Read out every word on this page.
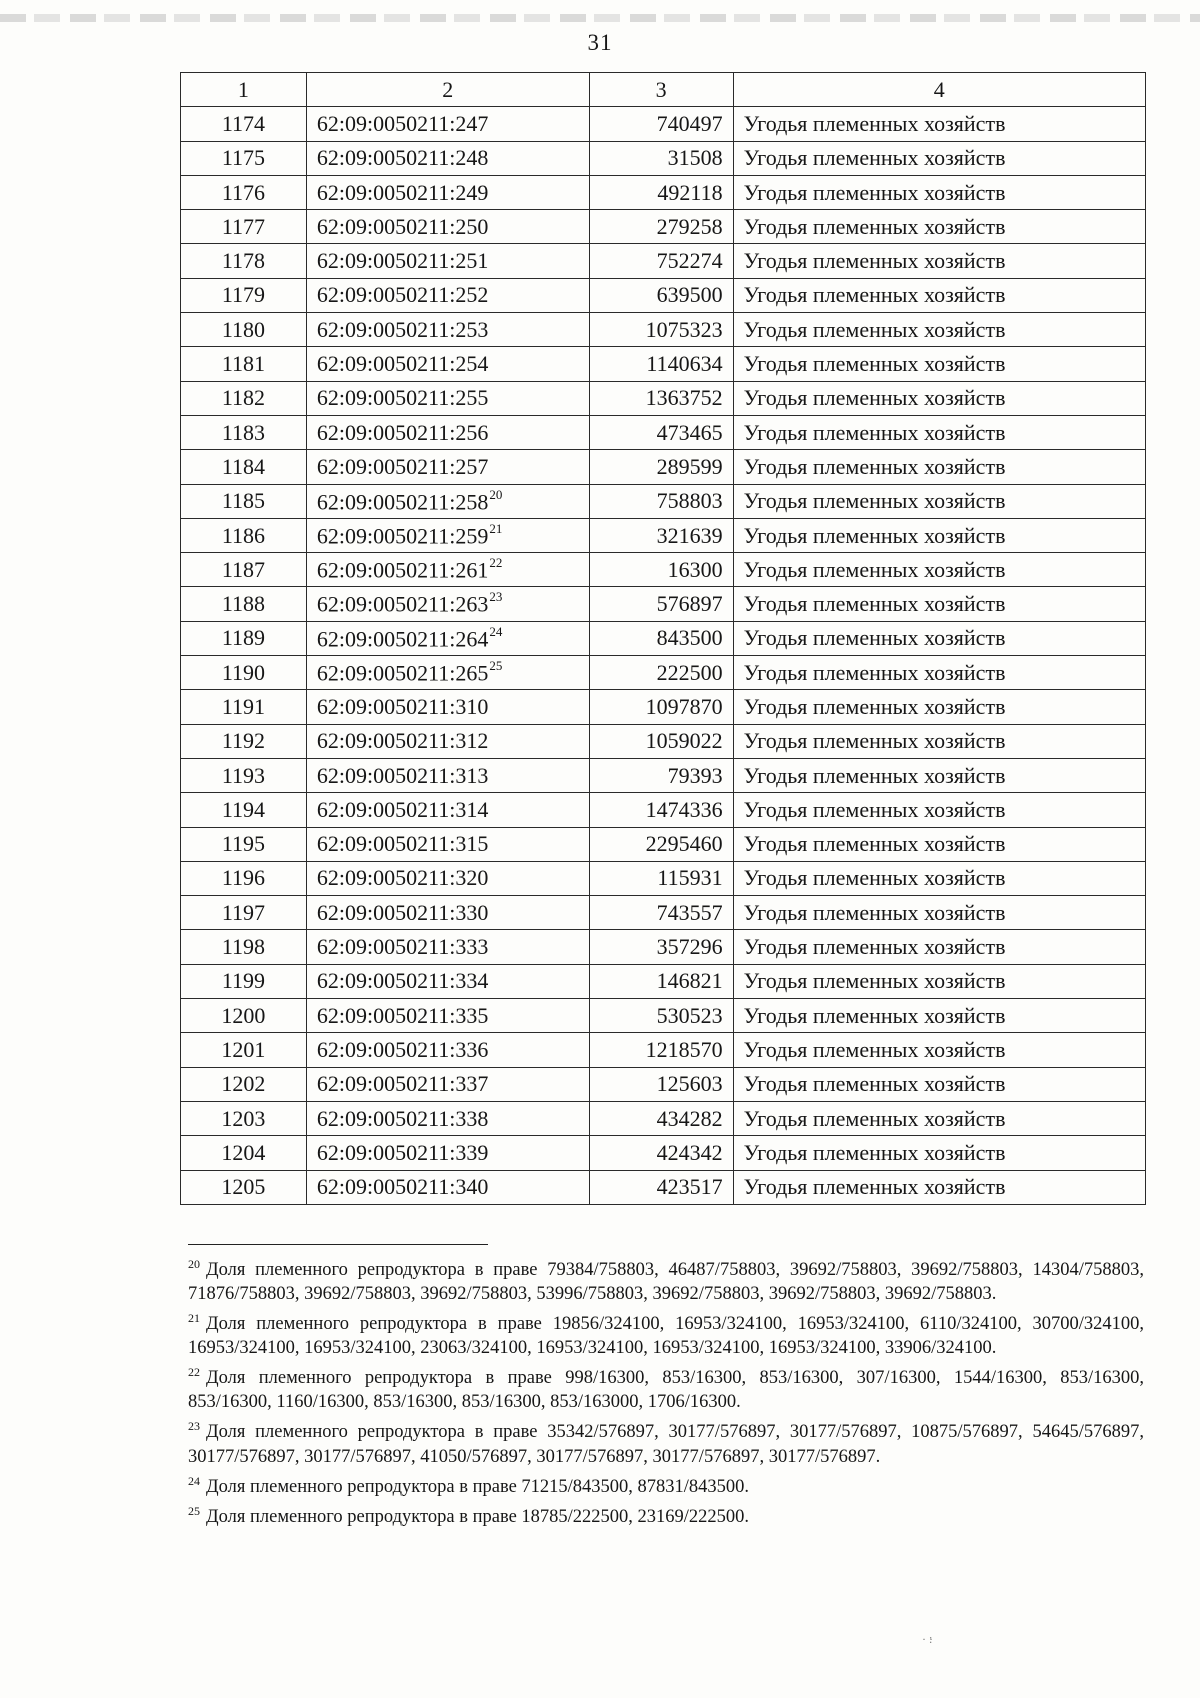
31
1	2	3	4
1174	62:09:0050211:247	740497	Угодья племенных хозяйств
1175	62:09:0050211:248	31508	Угодья племенных хозяйств
1176	62:09:0050211:249	492118	Угодья племенных хозяйств
1177	62:09:0050211:250	279258	Угодья племенных хозяйств
1178	62:09:0050211:251	752274	Угодья племенных хозяйств
1179	62:09:0050211:252	639500	Угодья племенных хозяйств
1180	62:09:0050211:253	1075323	Угодья племенных хозяйств
1181	62:09:0050211:254	1140634	Угодья племенных хозяйств
1182	62:09:0050211:255	1363752	Угодья племенных хозяйств
1183	62:09:0050211:256	473465	Угодья племенных хозяйств
1184	62:09:0050211:257	289599	Угодья племенных хозяйств
1185	$62:09:0050211:258^{20}$	758803	Угодья племенных хозяйств
1186	$62:09:0050211:259^{21}$	321639	Угодья племенных хозяйств
1187	$62:09:0050211:261^{22}$	16300	Угодья племенных хозяйств
1188	$62:09:0050211:263^{23}$	576897	Угодья племенных хозяйств
1189	$62:09:0050211:264^{24}$	843500	Угодья племенных хозяйств
1190	$62:09:0050211:265^{25}$	222500	Угодья племенных хозяйств
1191	62:09:0050211:310	1097870	Угодья племенных хозяйств
1192	62:09:0050211:312	1059022	Угодья племенных хозяйств
1193	62:09:0050211:313	79393	Угодья племенных хозяйств
1194	62:09:0050211:314	1474336	Угодья племенных хозяйств
1195	62:09:0050211:315	2295460	Угодья племенных хозяйств
1196	62:09:0050211:320	115931	Угодья племенных хозяйств
1197	62:09:0050211:330	743557	Угодья племенных хозяйств
1198	62:09:0050211:333	357296	Угодья племенных хозяйств
1199	62:09:0050211:334	146821	Угодья племенных хозяйств
1200	62:09:0050211:335	530523	Угодья племенных хозяйств
1201	62:09:0050211:336	1218570	Угодья племенных хозяйств
1202	62:09:0050211:337	125603	Угодья племенных хозяйств
1203	62:09:0050211:338	434282	Угодья племенных хозяйств
1204	62:09:0050211:339	424342	Угодья племенных хозяйств
1205	62:09:0050211:340	423517	Угодья племенных хозяйств

$^{20}$ Доля племенного репродуктора в праве 79384/758803, 46487/758803, 39692/758803, 39692/758803, 14304/758803, 71876/758803, 39692/758803, 39692/758803, 53996/758803, 39692/758803, 39692/758803, 39692/758803.

$^{21}$ Доля племенного репродуктора в праве 19856/324100, 16953/324100, 16953/324100, 6110/324100, 30700/324100, 16953/324100, 16953/324100, 23063/324100, 16953/324100, 16953/324100, 16953/324100, 33906/324100.

$^{22}$ Доля племенного репродуктора в праве 998/16300, 853/16300, 853/16300, 307/16300, 1544/16300, 853/16300, 853/16300, 1160/16300, 853/16300, 853/16300, 853/163000, 1706/16300.

$^{23}$ Доля племенного репродуктора в праве 35342/576897, 30177/576897, 30177/576897, 10875/576897, 54645/576897, 30177/576897, 30177/576897, 41050/576897, 30177/576897, 30177/576897, 30177/576897.

$^{24}$ Доля племенного репродуктора в праве 71215/843500, 87831/843500.

$^{25}$ Доля племенного репродуктора в праве 18785/222500, 23169/222500.

· ׃·
